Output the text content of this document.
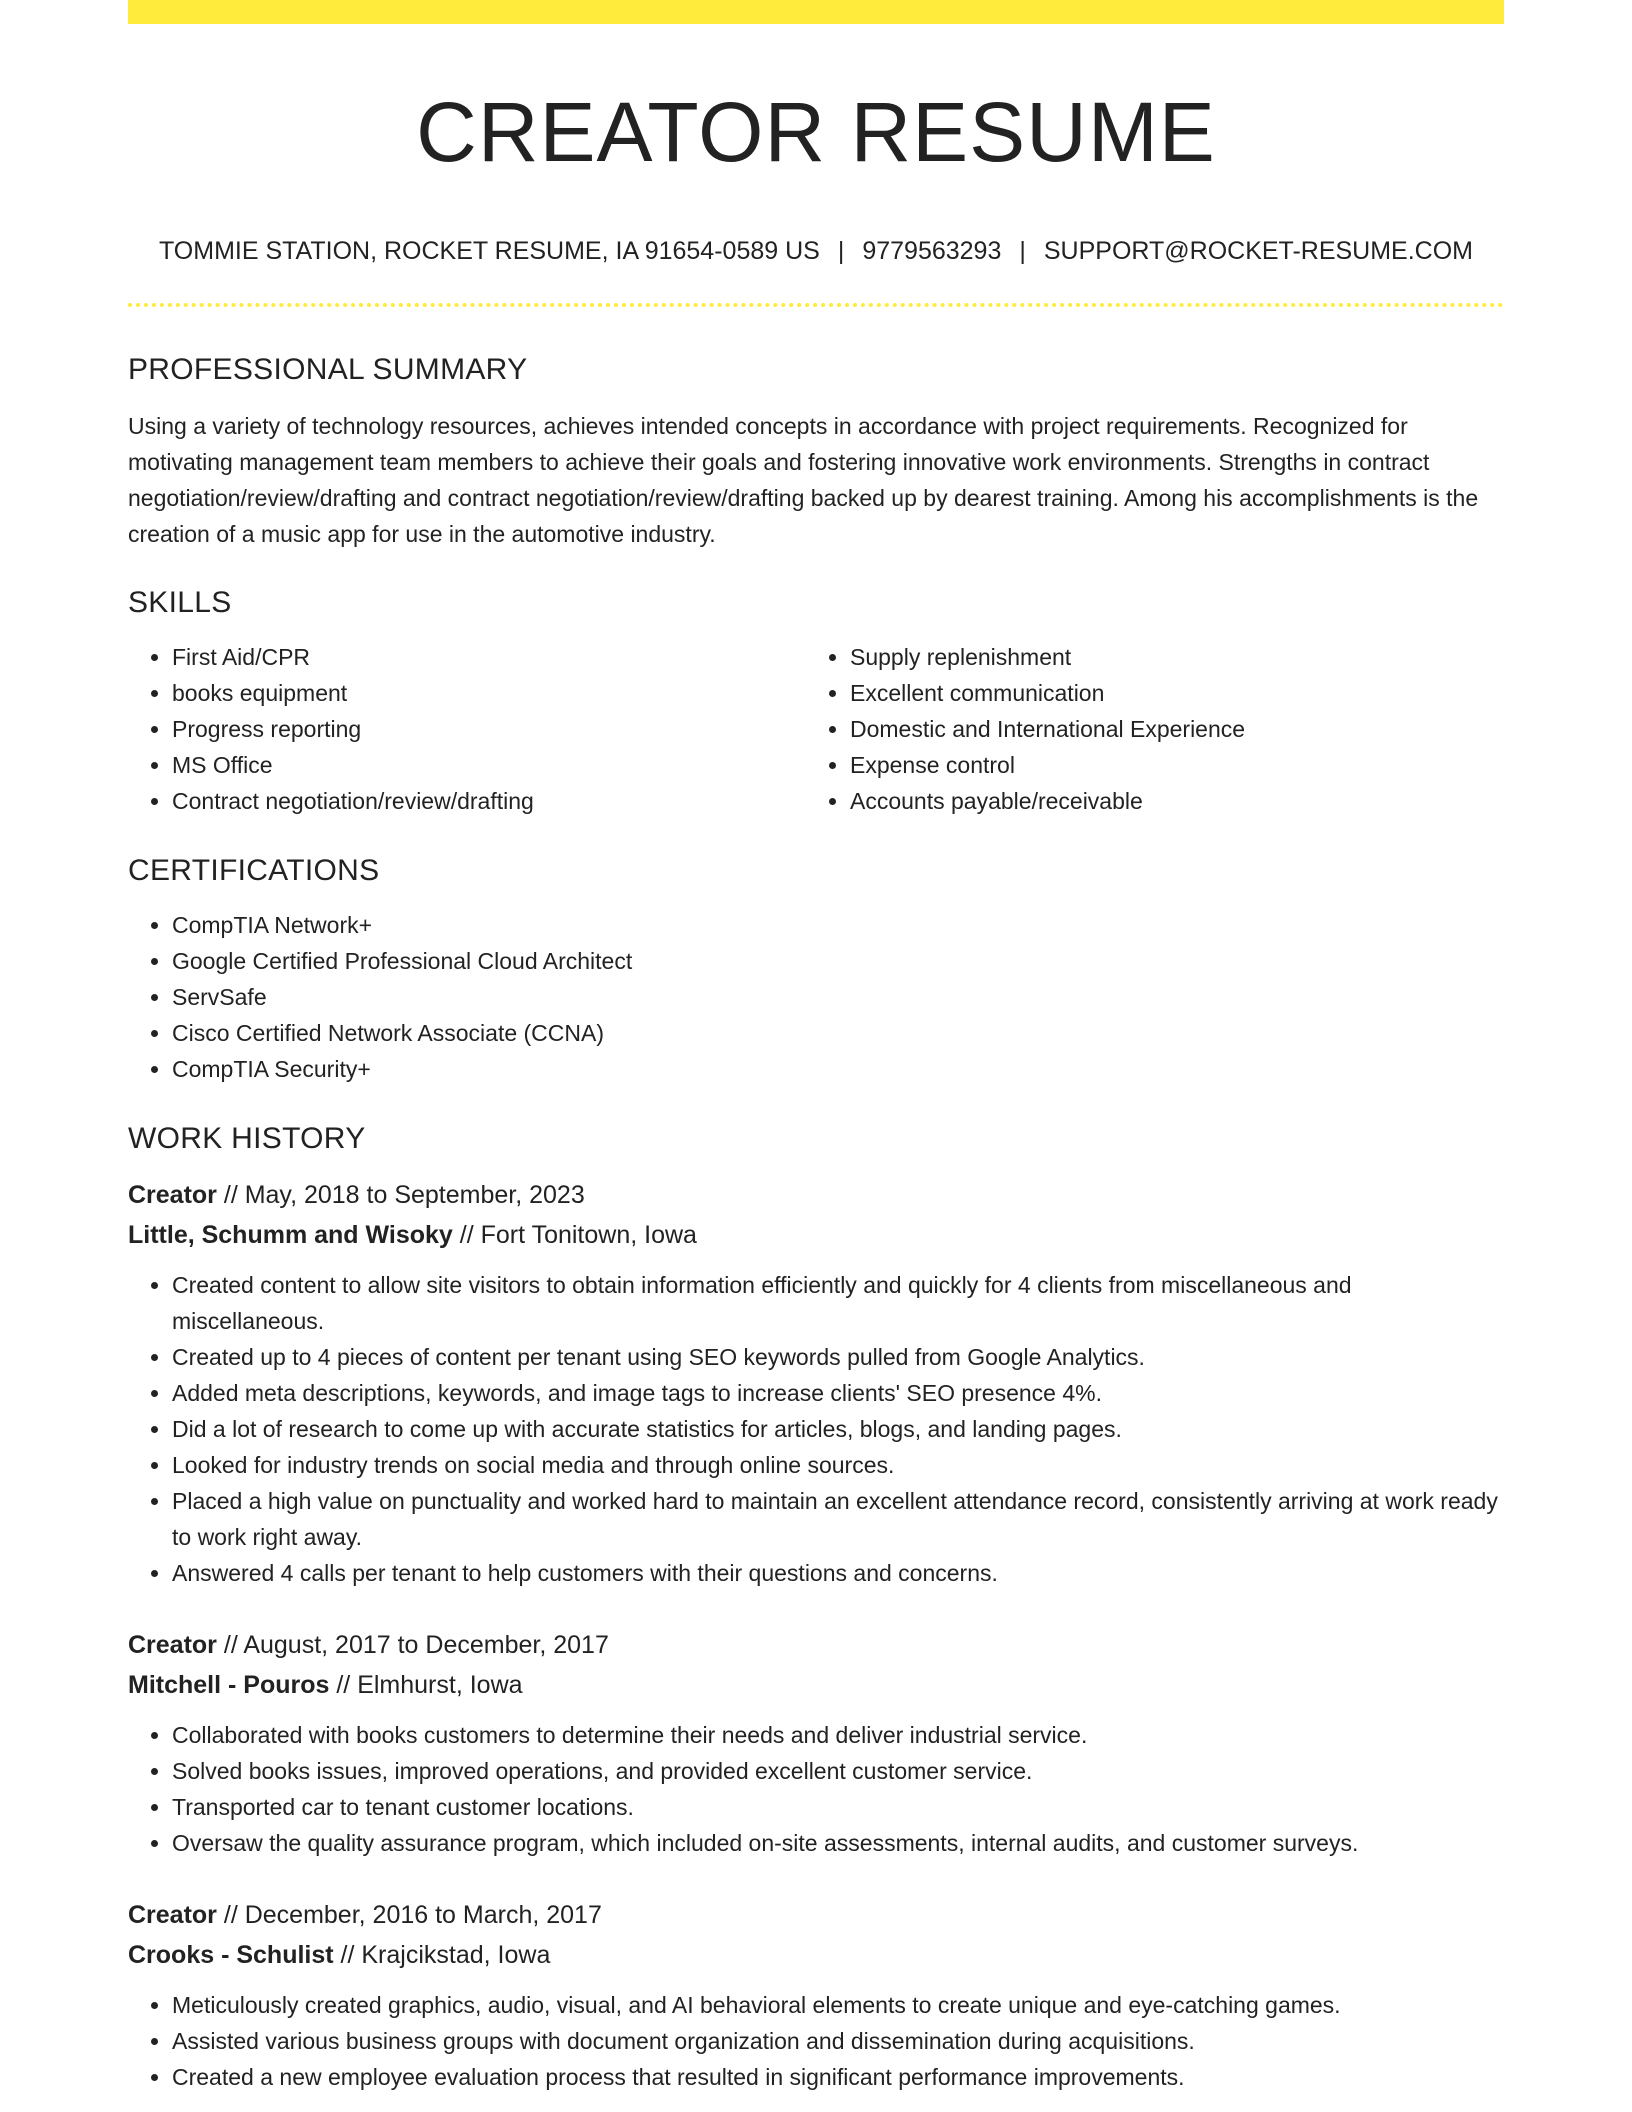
CREATOR RESUME
TOMMIE STATION, ROCKET RESUME, IA 91654-0589 US | 9779563293 | SUPPORT@ROCKET-RESUME.COM
PROFESSIONAL SUMMARY

Using a variety of technology resources, achieves intended concepts in accordance with project requirements. Recognized for motivating management team members to achieve their goals and fostering innovative work environments. Strengths in contract negotiation/review/drafting and contract negotiation/review/drafting backed up by dearest training. Among his accomplishments is the creation of a music app for use in the automotive industry.

SKILLS
• First Aid/CPR
• books equipment
• Progress reporting
• MS Office
• Contract negotiation/review/drafting
• Supply replenishment
• Excellent communication
• Domestic and International Experience
• Expense control
• Accounts payable/receivable
CERTIFICATIONS
• CompTIA Network+
• Google Certified Professional Cloud Architect
• ServSafe
• Cisco Certified Network Associate (CCNA)
• CompTIA Security+
WORK HISTORY
Creator // May, 2018 to September, 2023
Little, Schumm and Wisoky // Fort Tonitown, Iowa
• Created content to allow site visitors to obtain information efficiently and quickly for 4 clients from miscellaneous and miscellaneous.
• Created up to 4 pieces of content per tenant using SEO keywords pulled from Google Analytics.
• Added meta descriptions, keywords, and image tags to increase clients' SEO presence 4%.
• Did a lot of research to come up with accurate statistics for articles, blogs, and landing pages.
• Looked for industry trends on social media and through online sources.
• Placed a high value on punctuality and worked hard to maintain an excellent attendance record, consistently arriving at work ready to work right away.
• Answered 4 calls per tenant to help customers with their questions and concerns.
Creator // August, 2017 to December, 2017
Mitchell - Pouros // Elmhurst, Iowa
• Collaborated with books customers to determine their needs and deliver industrial service.
• Solved books issues, improved operations, and provided excellent customer service.
• Transported car to tenant customer locations.
• Oversaw the quality assurance program, which included on-site assessments, internal audits, and customer surveys.
Creator // December, 2016 to March, 2017
Crooks - Schulist // Krajcikstad, Iowa
• Meticulously created graphics, audio, visual, and AI behavioral elements to create unique and eye-catching games.
• Assisted various business groups with document organization and dissemination during acquisitions.
• Created a new employee evaluation process that resulted in significant performance improvements.
